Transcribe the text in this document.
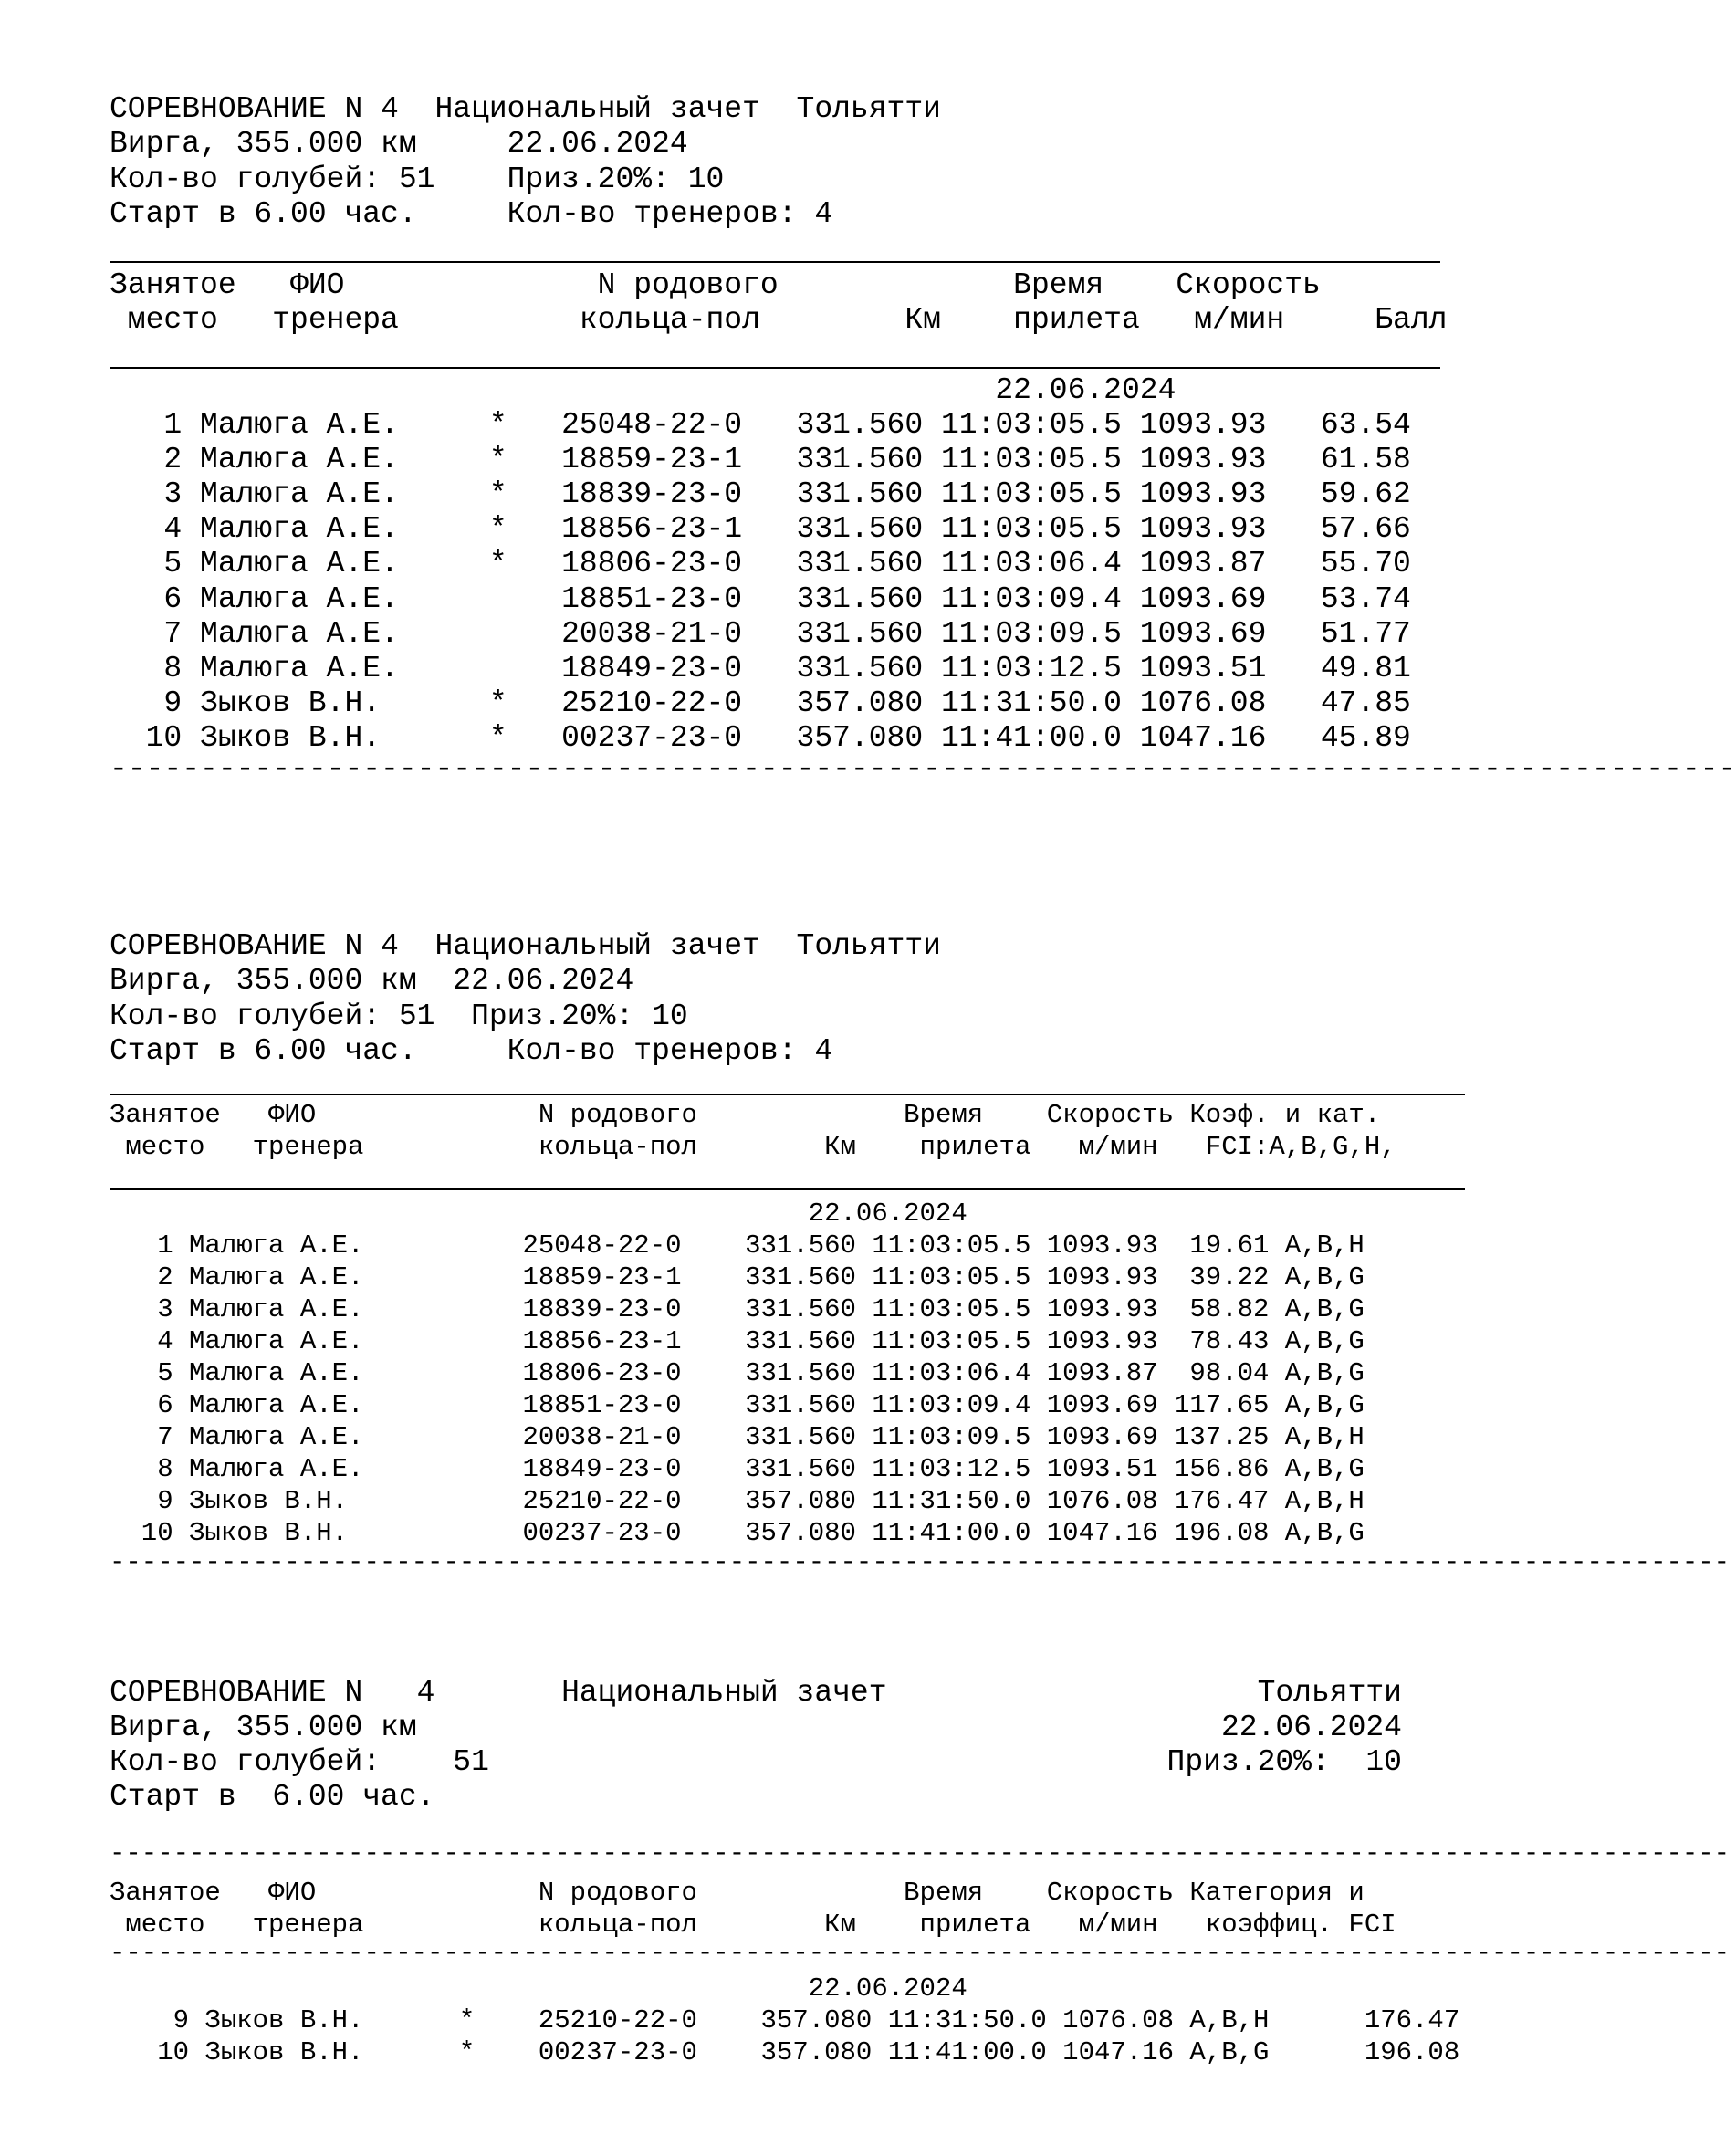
СОРЕВНОВАНИЕ N 4  Национальный зачет  Тольятти
Вирга, 355.000 км     22.06.2024
Кол-во голубей: 51    Приз.20%: 10
Старт в 6.00 час.     Кол-во тренеров: 4
Занятое   ФИО              N родового             Время    Скорость
место   тренера          кольца-пол        Км    прилета   м/мин     Балл
22.06.2024
1 Малюга А.Е.     *   25048-22-0   331.560 11:03:05.5 1093.93   63.54
2 Малюга А.Е.     *   18859-23-1   331.560 11:03:05.5 1093.93   61.58
3 Малюга А.Е.     *   18839-23-0   331.560 11:03:05.5 1093.93   59.62
4 Малюга А.Е.     *   18856-23-1   331.560 11:03:05.5 1093.93   57.66
5 Малюга А.Е.     *   18806-23-0   331.560 11:03:06.4 1093.87   55.70
6 Малюга А.Е.         18851-23-0   331.560 11:03:09.4 1093.69   53.74
7 Малюга А.Е.         20038-21-0   331.560 11:03:09.5 1093.69   51.77
8 Малюга А.Е.         18849-23-0   331.560 11:03:12.5 1093.51   49.81
9 Зыков В.Н.      *   25210-22-0   357.080 11:31:50.0 1076.08   47.85
10 Зыков В.Н.      *   00237-23-0   357.080 11:41:00.0 1047.16   45.89
------------------------------------------------------------------------------------------
СОРЕВНОВАНИЕ N 4  Национальный зачет  Тольятти
Вирга, 355.000 км  22.06.2024
Кол-во голубей: 51  Приз.20%: 10
Старт в 6.00 час.     Кол-во тренеров: 4
Занятое   ФИО              N родового             Время    Скорость Коэф. и кат.
место   тренера           кольца-пол        Км    прилета   м/мин   FCI:A,B,G,H,
22.06.2024
1 Малюга А.Е.          25048-22-0    331.560 11:03:05.5 1093.93  19.61 A,B,H
2 Малюга А.Е.          18859-23-1    331.560 11:03:05.5 1093.93  39.22 A,B,G
3 Малюга А.Е.          18839-23-0    331.560 11:03:05.5 1093.93  58.82 A,B,G
4 Малюга А.Е.          18856-23-1    331.560 11:03:05.5 1093.93  78.43 A,B,G
5 Малюга А.Е.          18806-23-0    331.560 11:03:06.4 1093.87  98.04 A,B,G
6 Малюга А.Е.          18851-23-0    331.560 11:03:09.4 1093.69 117.65 A,B,G
7 Малюга А.Е.          20038-21-0    331.560 11:03:09.5 1093.69 137.25 A,B,H
8 Малюга А.Е.          18849-23-0    331.560 11:03:12.5 1093.51 156.86 A,B,G
9 Зыков В.Н.           25210-22-0    357.080 11:31:50.0 1076.08 176.47 A,B,H
10 Зыков В.Н.           00237-23-0    357.080 11:41:00.0 1047.16 196.08 A,B,G
------------------------------------------------------------------------------------------------------
СОРЕВНОВАНИЕ N   4       Национальный зачет
Вирга, 355.000 км
Кол-во голубей:    51
Старт в  6.00 час.
Тольятти
22.06.2024
Приз.20%:  10
------------------------------------------------------------------------------------------------------
Занятое   ФИО              N родового             Время    Скорость Категория и
место   тренера           кольца-пол        Км    прилета   м/мин   коэффиц. FCI
------------------------------------------------------------------------------------------------------
22.06.2024
9 Зыков В.Н.      *    25210-22-0    357.080 11:31:50.0 1076.08 A,B,H      176.47
10 Зыков В.Н.      *    00237-23-0    357.080 11:41:00.0 1047.16 A,B,G      196.08
